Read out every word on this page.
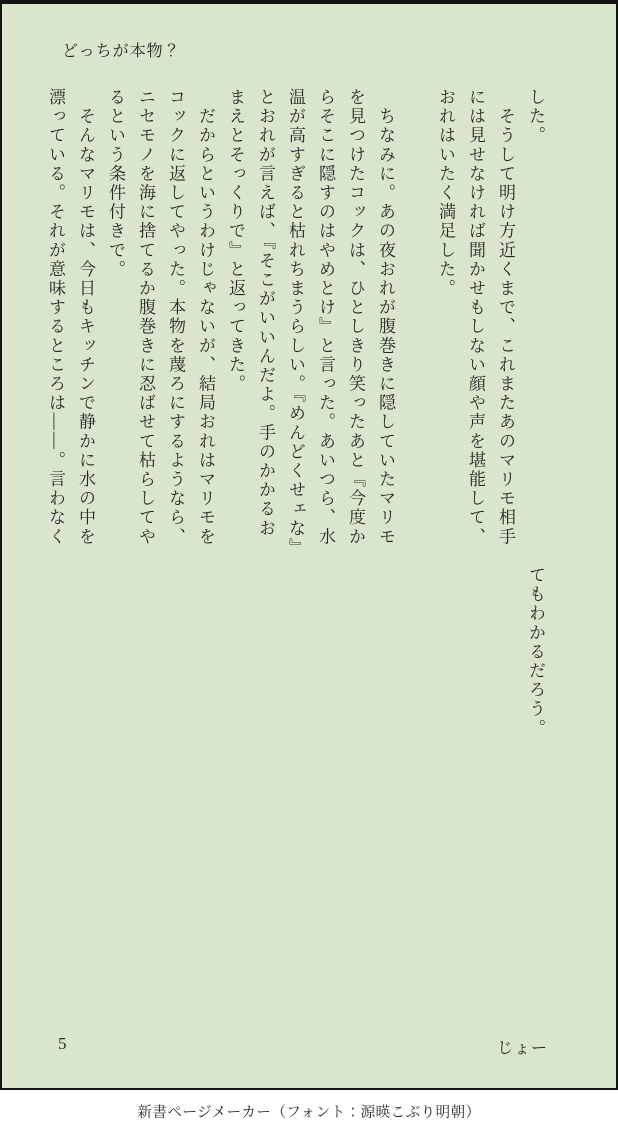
どっちが本物？
した。
　そうして明け方近くまで、これまたあのマリモ相手
には見せなければ聞かせもしない顔や声を堪能して、
おれはいたく満足した。

　ちなみに。あの夜おれが腹巻きに隠していたマリモ
を見つけたコックは、ひとしきり笑ったあと『今度か
らそこに隠すのはやめとけ』と言った。あいつら、水
温が高すぎると枯れちまうらしい。『めんどくせェな』
とおれが言えば、『そこがいいんだよ。手のかかるお
まえとそっくりで』と返ってきた。
　だからというわけじゃないが、結局おれはマリモを
コックに返してやった。本物を蔑ろにするようなら、
ニセモノを海に捨てるか腹巻きに忍ばせて枯らしてや
るという条件付きで。
　そんなマリモは、今日もキッチンで静かに水の中を
漂っている。それが意味するところは――。言わなく
てもわかるだろう。
5	じょー
新書ページメーカー（フォント：源暎こぶり明朝）
